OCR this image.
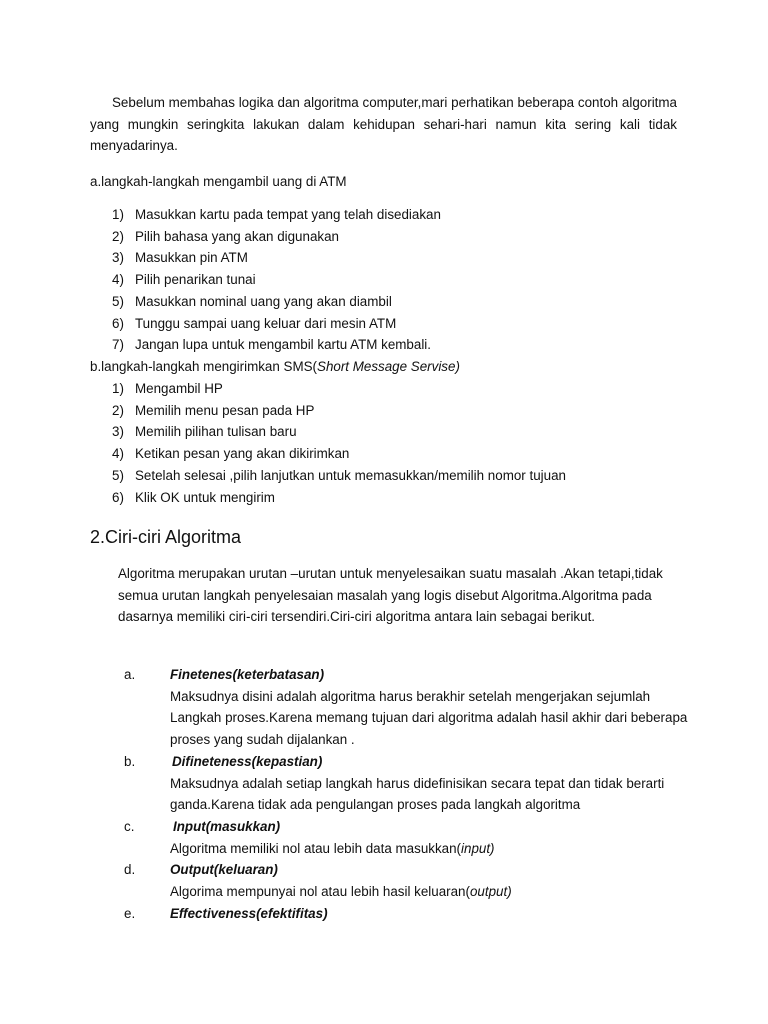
Sebelum membahas logika dan algoritma computer,mari perhatikan beberapa contoh algoritma yang mungkin seringkita lakukan dalam kehidupan sehari-hari namun kita sering kali tidak menyadarinya.
a.langkah-langkah mengambil uang di ATM
1) Masukkan kartu pada tempat yang telah disediakan
2) Pilih bahasa yang akan digunakan
3) Masukkan pin ATM
4) Pilih penarikan tunai
5) Masukkan nominal uang yang akan diambil
6) Tunggu sampai uang keluar dari mesin ATM
7) Jangan lupa untuk mengambil kartu ATM kembali.
b.langkah-langkah mengirimkan SMS(Short Message Servise)
1) Mengambil HP
2) Memilih menu pesan pada HP
3) Memilih pilihan tulisan baru
4) Ketikan pesan yang akan dikirimkan
5) Setelah selesai ,pilih lanjutkan untuk memasukkan/memilih nomor tujuan
6) Klik OK untuk mengirim
2.Ciri-ciri Algoritma
Algoritma merupakan urutan –urutan untuk menyelesaikan suatu masalah .Akan tetapi,tidak semua urutan langkah penyelesaian masalah yang logis disebut Algoritma.Algoritma pada dasarnya memiliki ciri-ciri tersendiri.Ciri-ciri algoritma antara lain sebagai berikut.
a.	Finetenes(keterbatasan)
Maksudnya disini adalah algoritma harus berakhir setelah mengerjakan sejumlah Langkah proses.Karena memang tujuan dari algoritma adalah hasil akhir dari beberapa proses yang sudah dijalankan .
b.	Difineteness(kepastian)
Maksudnya adalah setiap langkah harus didefinisikan secara tepat dan tidak berarti ganda.Karena tidak ada pengulangan proses pada langkah algoritma
c.	Input(masukkan)
Algoritma memiliki nol atau lebih data masukkan(input)
d.	Output(keluaran)
Algorima mempunyai nol atau lebih hasil keluaran(output)
e.	Effectiveness(efektifitas)
